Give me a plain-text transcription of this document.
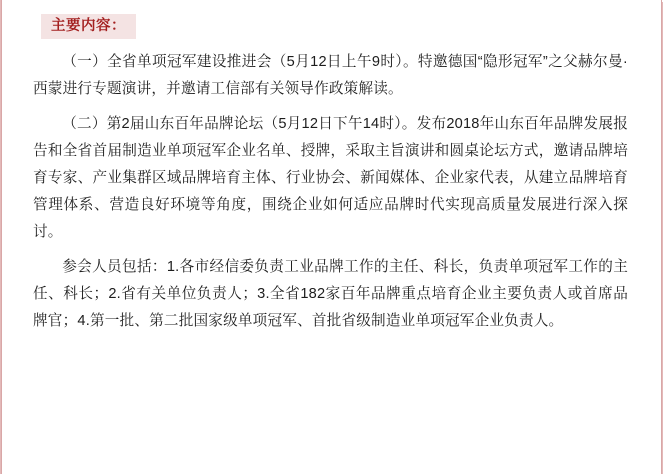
主要内容：

（一）全省单项冠军建设推进会（5月12日上午9时）。特邀德国“隐形冠军”之父赫尔曼·西蒙进行专题演讲，并邀请工信部有关领导作政策解读。

（二）第2届山东百年品牌论坛（5月12日下午14时）。发布2018年山东百年品牌发展报告和全省首届制造业单项冠军企业名单、授牌，采取主旨演讲和圆桌论坛方式，邀请品牌培育专家、产业集群区域品牌培育主体、行业协会、新闻媒体、企业家代表，从建立品牌培育管理体系、营造良好环境等角度，围绕企业如何适应品牌时代实现高质量发展进行深入探讨。

参会人员包括：1.各市经信委负责工业品牌工作的主任、科长，负责单项冠军工作的主任、科长；2.省有关单位负责人；3.全省182家百年品牌重点培育企业主要负责人或首席品牌官；4.第一批、第二批国家级单项冠军、首批省级制造业单项冠军企业负责人。
